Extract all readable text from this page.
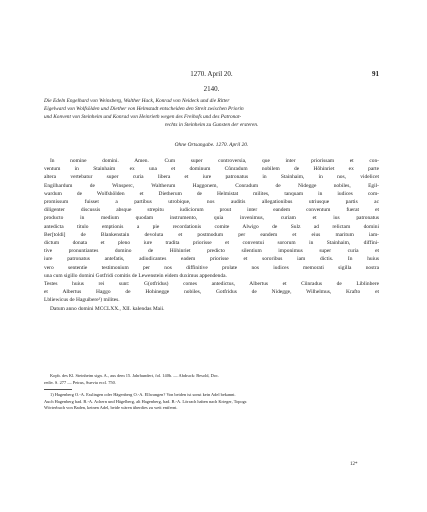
1270. April 20.	91
2140.
Die Edeln Engelhard von Weinsberg, Walther Hack, Konrad von Neideck und die Ritter
Eigelward von Wolfsölden und Diether von Helmstadt entscheiden den Streit zwischen Priorin
und Konvent von Steinheim und Konrad von Heinrieth wegen des Freihofs und des Patronat-
rechts in Steinheim zu Gunsten der ersteren.
Ohne Ortsangabe. 1270. April 20.
In nomine domini. Amen. Cum super controversia, que inter priorissam et con-
ventum in Stainhaim ex una et dominum Cůnradum nobilem de Hôhinriet ex parte
altera vertebatur super curia libera et iure patronatus in Stainhaim, in nos, videlicet
Engilhardum de Winsperc, Waltherum Haggonem, Conradum de Nidegge nobiles, Egil-
wardum de Wolfshôlden et Dietherum de Helmistat milites, tanquam in iudices com-
promissum fuisset a partibus utrobique, nos auditis allegationibus utriusque partis ac
diligenter discussis absque strepitu iudiciorum prout inter eandem conventum fuerat et
producto in medium quodam instrumento, quia invenimus, curiam et ius patronatus
antedicta titulo emptionis a pie recordationis comite Alwigo de Sulz ad relictam domini
Ber[toldi] de Blankenstain devoluta et postmodum per eandem et eius maritum iam-
dictum donata et pleno iure tradita priorisse et conventui sororum in Stainhaim, diffini-
tive pronuntiantes domino de Hôhinriet predicto silentium imponimus super curia et
iure patronatus antefatis, adiudicantes eadem priorisse et sororibus iam dictis. In huius
vero sententie testimonium per nos diffinitive prolate nos iudices memorati sigilla nostra
una cum sigillo domini Gotfridi comitis de Lewenstein eidem duximus appendenda.
Testes huius rei sunt: G(otfridus) comes antedictus, Albertus et Cůnradus de Liblinbere
et Albertus Haggo de Hohinegge nobiles, Gotfridus de Nidegge, Wilhelmus, Krafto et
Lbliewicus de Haguibere¹) milites.
Datum anno domini MCCLXX., XII. kalendas Maii.
Kopb. des Kl. Steinheim sign. A., aus dem 15. Jahrhundert, fol. 140b. — Abdruck: Besold, Doc.
rediv. S. 277 — Petrus, Suevia eccl. 750.
1) Hagenberg O.-A. Esslingen oder Hägenberg O.-A. Ellwangen? Von beiden ist sonst kein Adel bekannt.
Auch Hagenberg bad. B.-A. Achern und Hägelberg, alt Hagenberg, bad. B.-A. Lörrach haben nach Krieger, Topogr.
Wörterbuch von Baden, keinen Adel, beide wären überdies zu weit entfernt.
12*
